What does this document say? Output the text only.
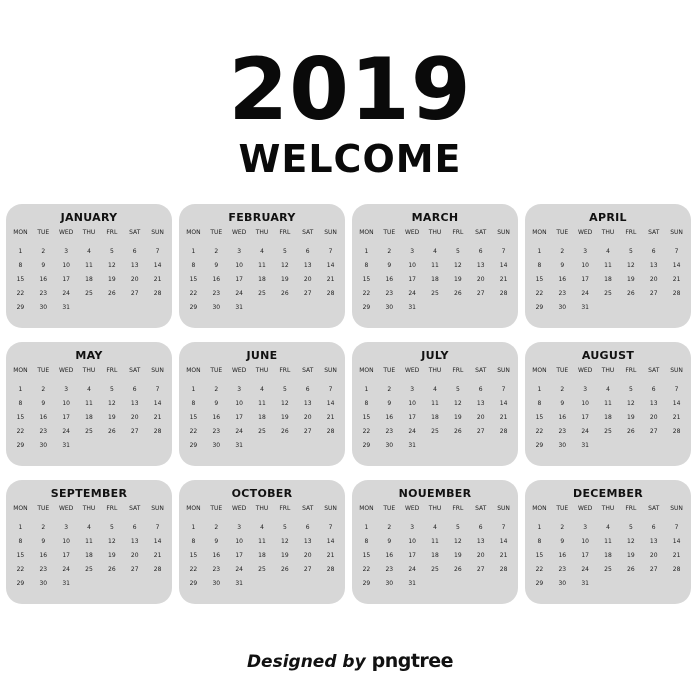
2019
WELCOME
JANUARY
MON	TUE	WED	THU	FRL	SAT	SUN
1	2	3	4	5	6	7
8	9	10	11	12	13	14
15	16	17	18	19	20	21
22	23	24	25	26	27	28
29	30	31
FEBRUARY
MON	TUE	WED	THU	FRL	SAT	SUN
1	2	3	4	5	6	7
8	9	10	11	12	13	14
15	16	17	18	19	20	21
22	23	24	25	26	27	28
29	30	31
MARCH
MON	TUE	WED	THU	FRL	SAT	SUN
1	2	3	4	5	6	7
8	9	10	11	12	13	14
15	16	17	18	19	20	21
22	23	24	25	26	27	28
29	30	31
APRIL
MON	TUE	WED	THU	FRL	SAT	SUN
1	2	3	4	5	6	7
8	9	10	11	12	13	14
15	16	17	18	19	20	21
22	23	24	25	26	27	28
29	30	31
MAY
MON	TUE	WED	THU	FRL	SAT	SUN
1	2	3	4	5	6	7
8	9	10	11	12	13	14
15	16	17	18	19	20	21
22	23	24	25	26	27	28
29	30	31
JUNE
MON	TUE	WED	THU	FRL	SAT	SUN
1	2	3	4	5	6	7
8	9	10	11	12	13	14
15	16	17	18	19	20	21
22	23	24	25	26	27	28
29	30	31
JULY
MON	TUE	WED	THU	FRL	SAT	SUN
1	2	3	4	5	6	7
8	9	10	11	12	13	14
15	16	17	18	19	20	21
22	23	24	25	26	27	28
29	30	31
AUGUST
MON	TUE	WED	THU	FRL	SAT	SUN
1	2	3	4	5	6	7
8	9	10	11	12	13	14
15	16	17	18	19	20	21
22	23	24	25	26	27	28
29	30	31
SEPTEMBER
MON	TUE	WED	THU	FRL	SAT	SUN
1	2	3	4	5	6	7
8	9	10	11	12	13	14
15	16	17	18	19	20	21
22	23	24	25	26	27	28
29	30	31
OCTOBER
MON	TUE	WED	THU	FRL	SAT	SUN
1	2	3	4	5	6	7
8	9	10	11	12	13	14
15	16	17	18	19	20	21
22	23	24	25	26	27	28
29	30	31
NOUEMBER
MON	TUE	WED	THU	FRL	SAT	SUN
1	2	3	4	5	6	7
8	9	10	11	12	13	14
15	16	17	18	19	20	21
22	23	24	25	26	27	28
29	30	31
DECEMBER
MON	TUE	WED	THU	FRL	SAT	SUN
1	2	3	4	5	6	7
8	9	10	11	12	13	14
15	16	17	18	19	20	21
22	23	24	25	26	27	28
29	30	31
Designed by pngtree
